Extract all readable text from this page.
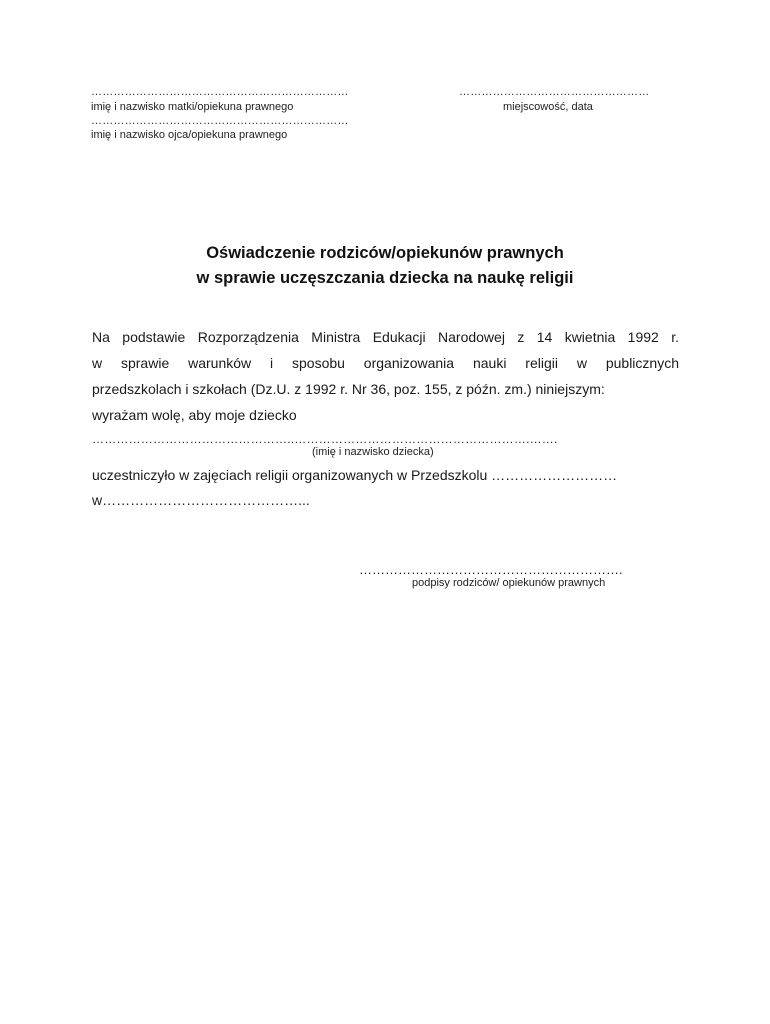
……………………………………………………………
imię i nazwisko matki/opiekuna prawnego
……………………………………………
miejscowość, data
……………………………………………………………
imię i nazwisko ojca/opiekuna prawnego
Oświadczenie rodziców/opiekunów prawnych
w sprawie uczęszczania dziecka na naukę religii
Na podstawie Rozporządzenia Ministra Edukacji Narodowej z 14 kwietnia 1992 r.
w sprawie warunków i sposobu organizowania nauki religii w publicznych
przedszkolach i szkołach (Dz.U. z 1992 r. Nr 36, poz. 155, z późn. zm.) niniejszym:
wyrażam wolę, aby moje dziecko
…………………………………………..………………………………………………….…….
(imię i nazwisko dziecka)
uczestniczyło w zajęciach religii organizowanych w Przedszkolu ………………………
w……………………………………...
…………………………………………………….
podpisy rodziców/ opiekunów prawnych
